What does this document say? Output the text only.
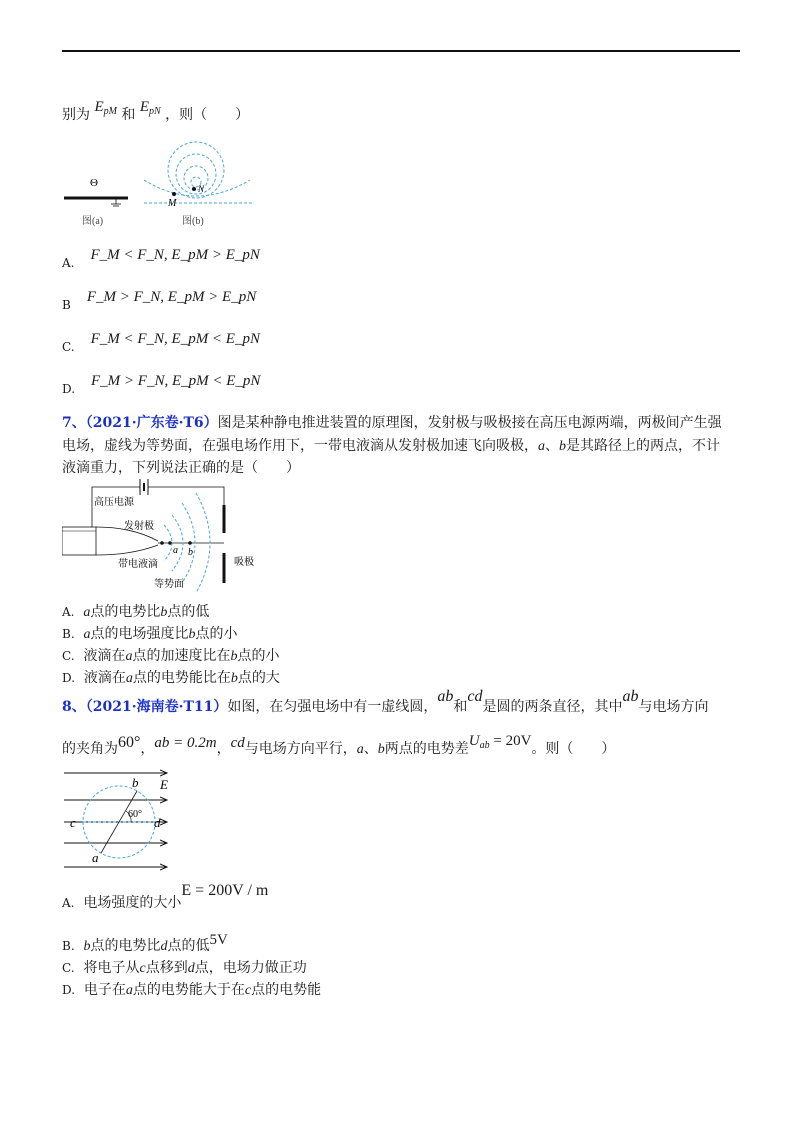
别为 $E_{pM}$ 和 $E_{pN}$ ，则（　　）
Θ
图(a)
M
N
图(b)
A. F_M < F_N, E_pM > E_pN
B F_M > F_N, E_pM > E_pN
C. F_M < F_N, E_pM < E_pN
D. F_M > F_N, E_pM < E_pN
7、（2021·广东卷·T6）图是某种静电推进装置的原理图，发射极与吸极接在高压电源两端，两极间产生强
电场，虚线为等势面，在强电场作用下，一带电液滴从发射极加速飞向吸极，a、b是其路径上的两点，不计
液滴重力，下列说法正确的是（　　）
高压电源
发射极
带电液滴
a b
等势面
吸极
A. a点的电势比b点的低
B. a点的电场强度比b点的小
C. 液滴在a点的加速度比在b点的小
D. 液滴在a点的电势能比在b点的大
8、（2021·海南卷·T11）如图，在匀强电场中有一虚线圆，ab和cd是圆的两条直径，其中ab与电场方向
的夹角为60°，ab = 0.2m，cd与电场方向平行，a、b两点的电势差$U_{ab} = 20V$。则（　　）
60°
b E
c	d
a
A. 电场强度的大小E = 200V / m
B. b点的电势比d点的低5V
C. 将电子从c点移到d点，电场力做正功
D. 电子在a点的电势能大于在c点的电势能
